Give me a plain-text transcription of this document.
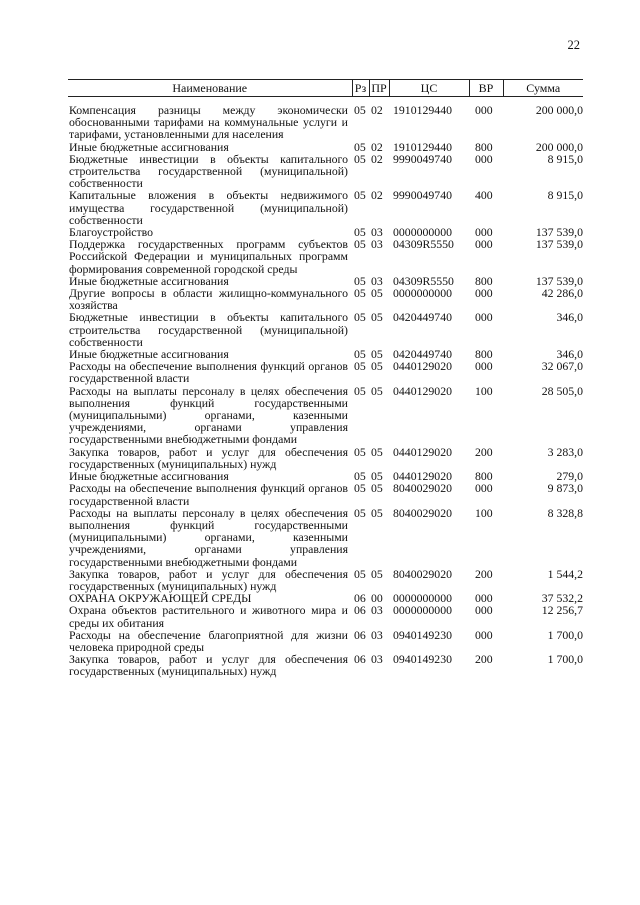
22
Наименование	Рз	ПР	ЦС	ВР	Сумма
Компенсация разницы между экономически обоснованными тарифами на коммунальные услуги и тарифами, установленными для населения	05	02	1910129440	000	200 000,0
Иные бюджетные ассигнования	05	02	1910129440	800	200 000,0
Бюджетные инвестиции в объекты капитального строительства государственной (муниципальной) собственности	05	02	9990049740	000	8 915,0
Капитальные вложения в объекты недвижимого имущества государственной (муниципальной) собственности	05	02	9990049740	400	8 915,0
Благоустройство	05	03	0000000000	000	137 539,0
Поддержка государственных программ субъектов Российской Федерации и муниципальных программ формирования современной городской среды	05	03	04309R5550	000	137 539,0
Иные бюджетные ассигнования	05	03	04309R5550	800	137 539,0
Другие вопросы в области жилищно-коммунального хозяйства	05	05	0000000000	000	42 286,0
Бюджетные инвестиции в объекты капитального строительства государственной (муниципальной) собственности	05	05	0420449740	000	346,0
Иные бюджетные ассигнования	05	05	0420449740	800	346,0
Расходы на обеспечение выполнения функций органов государственной власти	05	05	0440129020	000	32 067,0
Расходы на выплаты персоналу в целях обеспечения выполнения функций государственными (муниципальными) органами, казенными учреждениями, органами управления государственными внебюджетными фондами	05	05	0440129020	100	28 505,0
Закупка товаров, работ и услуг для обеспечения государственных (муниципальных) нужд	05	05	0440129020	200	3 283,0
Иные бюджетные ассигнования	05	05	0440129020	800	279,0
Расходы на обеспечение выполнения функций органов государственной власти	05	05	8040029020	000	9 873,0
Расходы на выплаты персоналу в целях обеспечения выполнения функций государственными (муниципальными) органами, казенными учреждениями, органами управления государственными внебюджетными фондами	05	05	8040029020	100	8 328,8
Закупка товаров, работ и услуг для обеспечения государственных (муниципальных) нужд	05	05	8040029020	200	1 544,2
ОХРАНА ОКРУЖАЮЩЕЙ СРЕДЫ	06	00	0000000000	000	37 532,2
Охрана объектов растительного и животного мира и среды их обитания	06	03	0000000000	000	12 256,7
Расходы на обеспечение благоприятной для жизни человека природной среды	06	03	0940149230	000	1 700,0
Закупка товаров, работ и услуг для обеспечения государственных (муниципальных) нужд	06	03	0940149230	200	1 700,0
